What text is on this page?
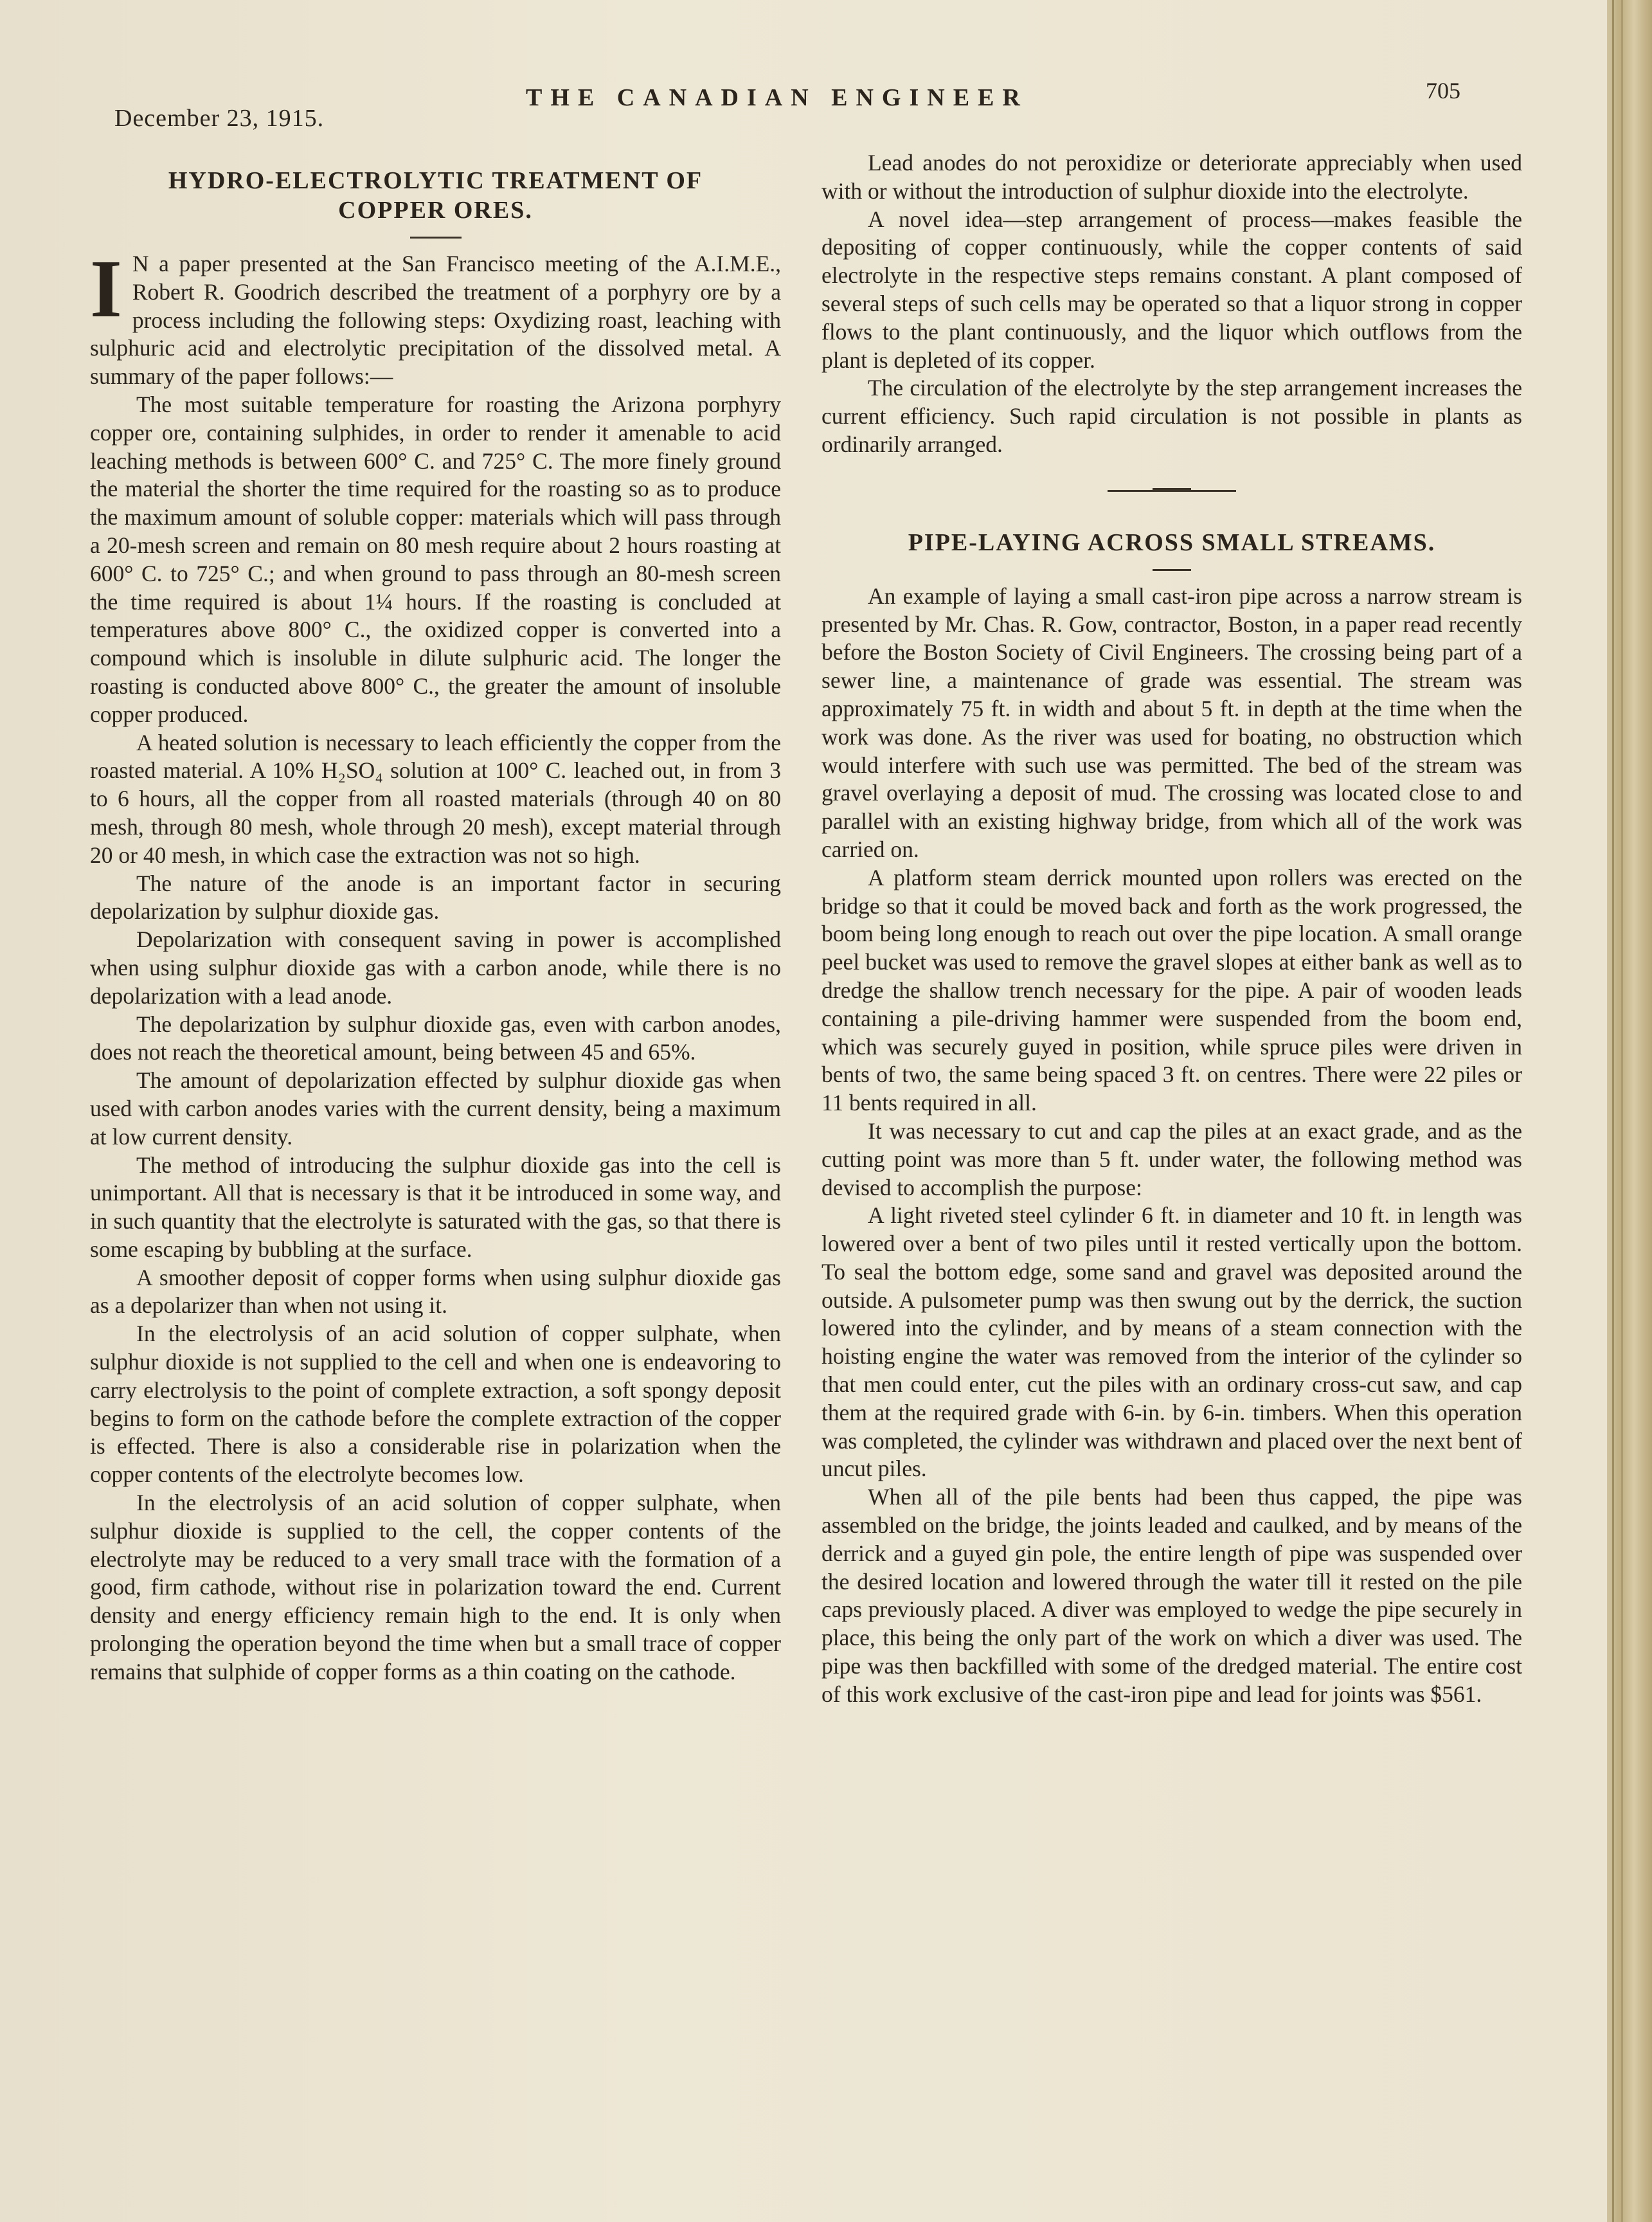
December 23, 1915.
THE CANADIAN ENGINEER	705
HYDRO-ELECTROLYTIC TREATMENT OF
COPPER ORES.

I N a paper presented at the San Francisco meeting of the A.I.M.E., Robert R. Goodrich described the treatment of a porphyry ore by a process including the following steps: Oxydizing roast, leaching with sulphuric acid and electrolytic precipitation of the dissolved metal. A summary of the paper follows:—

The most suitable temperature for roasting the Arizona porphyry copper ore, containing sulphides, in order to render it amenable to acid leaching methods is between 600° C. and 725° C. The more finely ground the material the shorter the time required for the roasting so as to produce the maximum amount of soluble copper: materials which will pass through a 20-mesh screen and remain on 80 mesh require about 2 hours roasting at 600° C. to 725° C.; and when ground to pass through an 80-mesh screen the time required is about 1¼ hours. If the roasting is concluded at temperatures above 800° C., the oxidized copper is converted into a compound which is insoluble in dilute sulphuric acid. The longer the roasting is conducted above 800° C., the greater the amount of insoluble copper produced.

A heated solution is necessary to leach efficiently the copper from the roasted material. A 10% H₂SO₄ solution at 100° C. leached out, in from 3 to 6 hours, all the copper from all roasted materials (through 40 on 80 mesh, through 80 mesh, whole through 20 mesh), except material through 20 or 40 mesh, in which case the extraction was not so high.

The nature of the anode is an important factor in securing depolarization by sulphur dioxide gas.

Depolarization with consequent saving in power is accomplished when using sulphur dioxide gas with a carbon anode, while there is no depolarization with a lead anode.

The depolarization by sulphur dioxide gas, even with carbon anodes, does not reach the theoretical amount, being between 45 and 65%.

The amount of depolarization effected by sulphur dioxide gas when used with carbon anodes varies with the current density, being a maximum at low current density.

The method of introducing the sulphur dioxide gas into the cell is unimportant. All that is necessary is that it be introduced in some way, and in such quantity that the electrolyte is saturated with the gas, so that there is some escaping by bubbling at the surface.

A smoother deposit of copper forms when using sulphur dioxide gas as a depolarizer than when not using it.

In the electrolysis of an acid solution of copper sulphate, when sulphur dioxide is not supplied to the cell and when one is endeavoring to carry electrolysis to the point of complete extraction, a soft spongy deposit begins to form on the cathode before the complete extraction of the copper is effected. There is also a considerable rise in polarization when the copper contents of the electrolyte becomes low.

In the electrolysis of an acid solution of copper sulphate, when sulphur dioxide is supplied to the cell, the copper contents of the electrolyte may be reduced to a very small trace with the formation of a good, firm cathode, without rise in polarization toward the end. Current density and energy efficiency remain high to the end. It is only when prolonging the operation beyond the time when but a small trace of copper remains that sulphide of copper forms as a thin coating on the cathode.

Lead anodes do not peroxidize or deteriorate appreciably when used with or without the introduction of sulphur dioxide into the electrolyte.

A novel idea—step arrangement of process—makes feasible the depositing of copper continuously, while the copper contents of said electrolyte in the respective steps remains constant. A plant composed of several steps of such cells may be operated so that a liquor strong in copper flows to the plant continuously, and the liquor which outflows from the plant is depleted of its copper.

The circulation of the electrolyte by the step arrangement increases the current efficiency. Such rapid circulation is not possible in plants as ordinarily arranged.

PIPE-LAYING ACROSS SMALL STREAMS.

An example of laying a small cast-iron pipe across a narrow stream is presented by Mr. Chas. R. Gow, contractor, Boston, in a paper read recently before the Boston Society of Civil Engineers. The crossing being part of a sewer line, a maintenance of grade was essential. The stream was approximately 75 ft. in width and about 5 ft. in depth at the time when the work was done. As the river was used for boating, no obstruction which would interfere with such use was permitted. The bed of the stream was gravel overlaying a deposit of mud. The crossing was located close to and parallel with an existing highway bridge, from which all of the work was carried on.

A platform steam derrick mounted upon rollers was erected on the bridge so that it could be moved back and forth as the work progressed, the boom being long enough to reach out over the pipe location. A small orange peel bucket was used to remove the gravel slopes at either bank as well as to dredge the shallow trench necessary for the pipe. A pair of wooden leads containing a pile-driving hammer were suspended from the boom end, which was securely guyed in position, while spruce piles were driven in bents of two, the same being spaced 3 ft. on centres. There were 22 piles or 11 bents required in all.

It was necessary to cut and cap the piles at an exact grade, and as the cutting point was more than 5 ft. under water, the following method was devised to accomplish the purpose:

A light riveted steel cylinder 6 ft. in diameter and 10 ft. in length was lowered over a bent of two piles until it rested vertically upon the bottom. To seal the bottom edge, some sand and gravel was deposited around the outside. A pulsometer pump was then swung out by the derrick, the suction lowered into the cylinder, and by means of a steam connection with the hoisting engine the water was removed from the interior of the cylinder so that men could enter, cut the piles with an ordinary cross-cut saw, and cap them at the required grade with 6-in. by 6-in. timbers. When this operation was completed, the cylinder was withdrawn and placed over the next bent of uncut piles.

When all of the pile bents had been thus capped, the pipe was assembled on the bridge, the joints leaded and caulked, and by means of the derrick and a guyed gin pole, the entire length of pipe was suspended over the desired location and lowered through the water till it rested on the pile caps previously placed. A diver was employed to wedge the pipe securely in place, this being the only part of the work on which a diver was used. The pipe was then backfilled with some of the dredged material. The entire cost of this work exclusive of the cast-iron pipe and lead for joints was $561.
